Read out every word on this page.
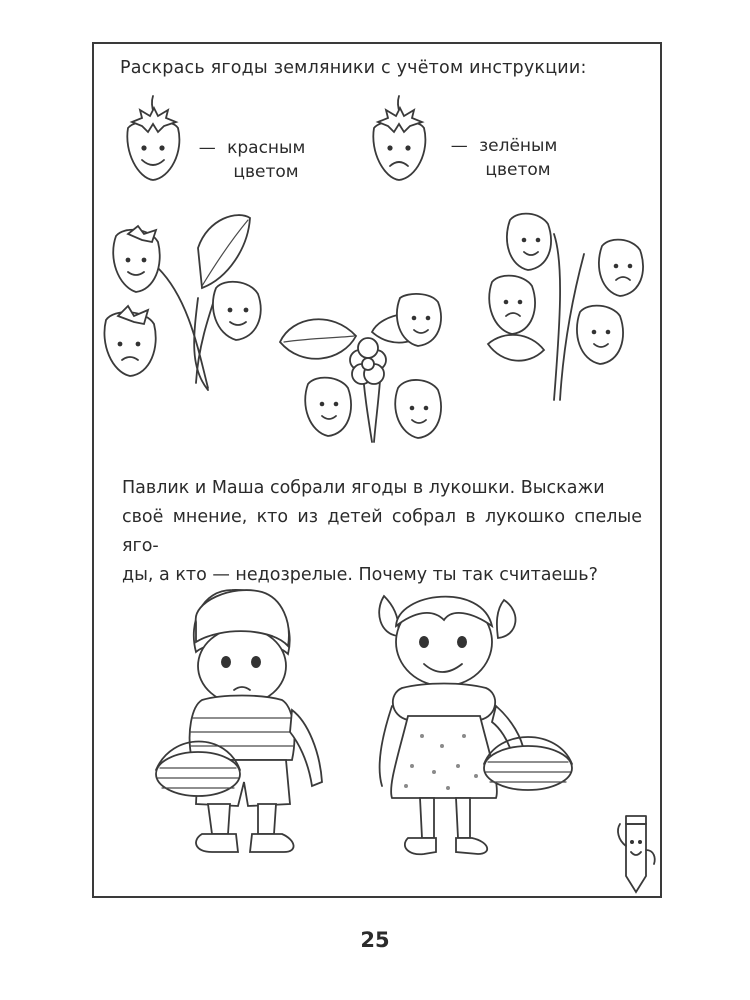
Раскрась ягоды земляники с учётом инструкции:
— красным
цветом
— зелёным
цветом
Павлик и Маша собрали ягоды в лукошки. Выскажи
своё мнение, кто из детей собрал в лукошко спелые яго-
ды, а кто — недозрелые. Почему ты так считаешь?
25
